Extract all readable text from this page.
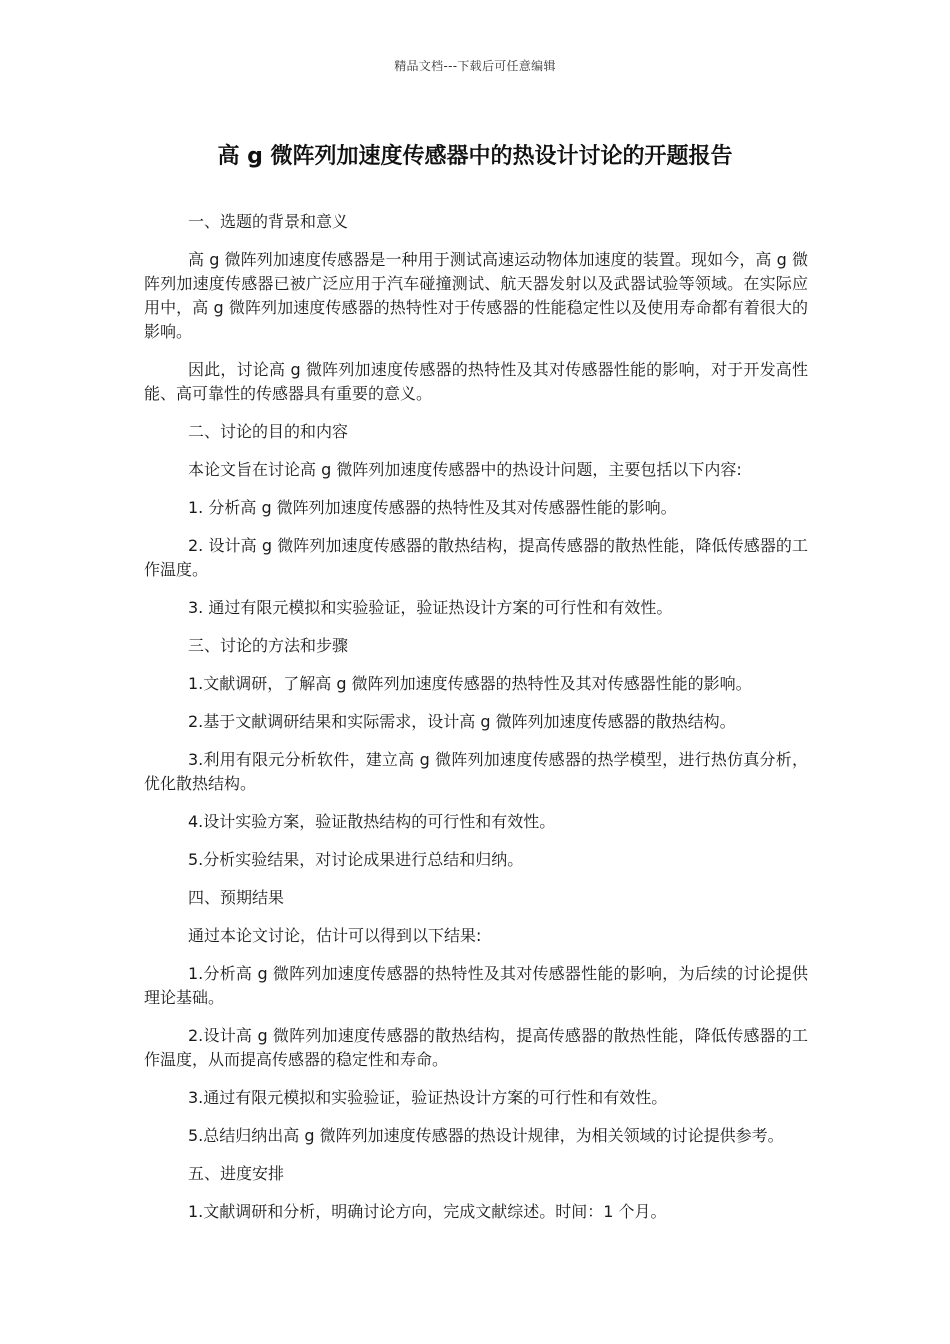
精品文档---下载后可任意编辑
高 g 微阵列加速度传感器中的热设计讨论的开题报告

一、选题的背景和意义

高 g 微阵列加速度传感器是一种用于测试高速运动物体加速度的装置。现如今，高 g 微阵列加速度传感器已被广泛应用于汽车碰撞测试、航天器发射以及武器试验等领域。在实际应用中，高 g 微阵列加速度传感器的热特性对于传感器的性能稳定性以及使用寿命都有着很大的影响。

因此，讨论高 g 微阵列加速度传感器的热特性及其对传感器性能的影响，对于开发高性能、高可靠性的传感器具有重要的意义。

二、讨论的目的和内容

本论文旨在讨论高 g 微阵列加速度传感器中的热设计问题，主要包括以下内容:

1. 分析高 g 微阵列加速度传感器的热特性及其对传感器性能的影响。

2. 设计高 g 微阵列加速度传感器的散热结构，提高传感器的散热性能，降低传感器的工作温度。

3. 通过有限元模拟和实验验证，验证热设计方案的可行性和有效性。

三、讨论的方法和步骤

1.文献调研，了解高 g 微阵列加速度传感器的热特性及其对传感器性能的影响。

2.基于文献调研结果和实际需求，设计高 g 微阵列加速度传感器的散热结构。

3.利用有限元分析软件，建立高 g 微阵列加速度传感器的热学模型，进行热仿真分析，优化散热结构。

4.设计实验方案，验证散热结构的可行性和有效性。

5.分析实验结果，对讨论成果进行总结和归纳。

四、预期结果

通过本论文讨论，估计可以得到以下结果:

1.分析高 g 微阵列加速度传感器的热特性及其对传感器性能的影响，为后续的讨论提供理论基础。

2.设计高 g 微阵列加速度传感器的散热结构，提高传感器的散热性能，降低传感器的工作温度，从而提高传感器的稳定性和寿命。

3.通过有限元模拟和实验验证，验证热设计方案的可行性和有效性。

5.总结归纳出高 g 微阵列加速度传感器的热设计规律，为相关领域的讨论提供参考。

五、进度安排

1.文献调研和分析，明确讨论方向，完成文献综述。时间：1 个月。
